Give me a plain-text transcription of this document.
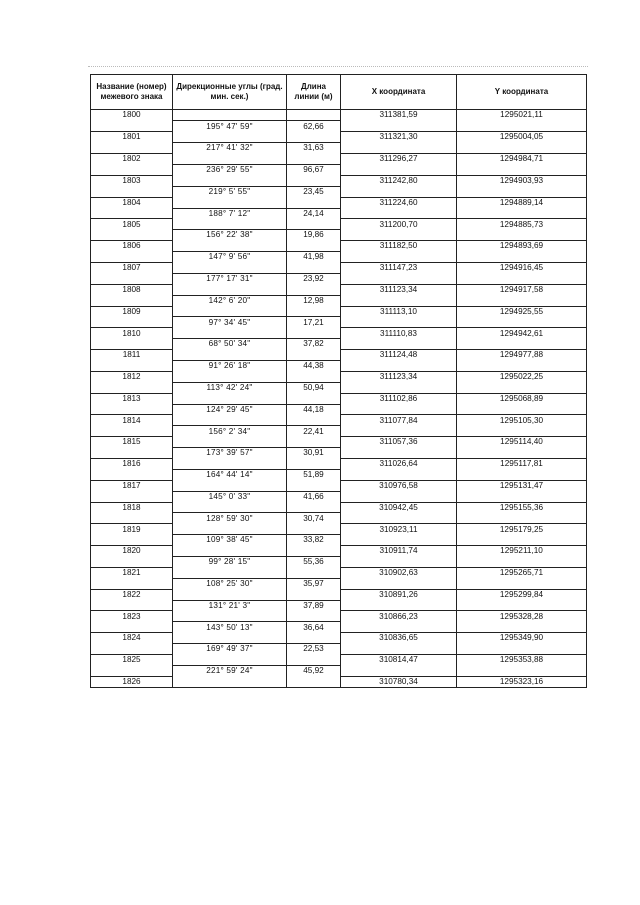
Название (номер) межевого знака	Дирекционные углы (град. мин. сек.)	Длина линии (м)	X координата	Y координата
1800			311381,59	1295021,11
	195° 47' 59"	62,66		
1801			311321,30	1295004,05
	217° 41' 32"	31,63		
1802			311296,27	1294984,71
	236° 29' 55"	96,67		
1803			311242,80	1294903,93
	219° 5' 55"	23,45		
1804			311224,60	1294889,14
	188° 7' 12"	24,14		
1805			311200,70	1294885,73
	156° 22' 38"	19,86		
1806			311182,50	1294893,69
	147° 9' 56"	41,98		
1807			311147,23	1294916,45
	177° 17' 31"	23,92		
1808			311123,34	1294917,58
	142° 6' 20"	12,98		
1809			311113,10	1294925,55
	97° 34' 45"	17,21		
1810			311110,83	1294942,61
	68° 50' 34"	37,82		
1811			311124,48	1294977,88
	91° 26' 18"	44,38		
1812			311123,34	1295022,25
	113° 42' 24"	50,94		
1813			311102,86	1295068,89
	124° 29' 45"	44,18		
1814			311077,84	1295105,30
	156° 2' 34"	22,41		
1815			311057,36	1295114,40
	173° 39' 57"	30,91		
1816			311026,64	1295117,81
	164° 44' 14"	51,89		
1817			310976,58	1295131,47
	145° 0' 33"	41,66		
1818			310942,45	1295155,36
	128° 59' 30"	30,74		
1819			310923,11	1295179,25
	109° 38' 45"	33,82		
1820			310911,74	1295211,10
	99° 28' 15"	55,36		
1821			310902,63	1295265,71
	108° 25' 30"	35,97		
1822			310891,26	1295299,84
	131° 21' 3"	37,89		
1823			310866,23	1295328,28
	143° 50' 13"	36,64		
1824			310836,65	1295349,90
	169° 49' 37"	22,53		
1825			310814,47	1295353,88
	221° 59' 24"	45,92		
1826			310780,34	1295323,16
